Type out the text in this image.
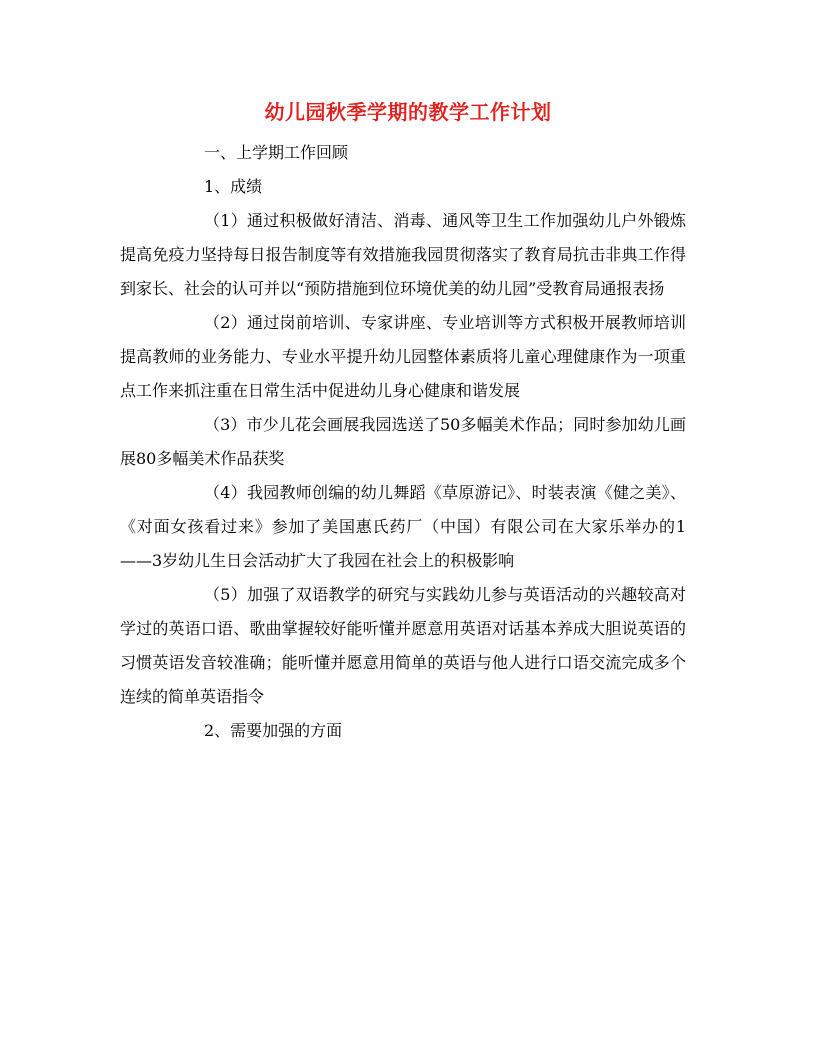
幼儿园秋季学期的教学工作计划

一、上学期工作回顾

1、成绩

（1）通过积极做好清洁、消毒、通风等卫生工作加强幼儿户外锻炼提高免疫力坚持每日报告制度等有效措施我园贯彻落实了教育局抗击非典工作得到家长、社会的认可并以“预防措施到位环境优美的幼儿园”受教育局通报表扬

（2）通过岗前培训、专家讲座、专业培训等方式积极开展教师培训提高教师的业务能力、专业水平提升幼儿园整体素质将儿童心理健康作为一项重点工作来抓注重在日常生活中促进幼儿身心健康和谐发展

（3）市少儿花会画展我园选送了50多幅美术作品；同时参加幼儿画展80多幅美术作品获奖

（4）我园教师创编的幼儿舞蹈《草原游记》、时装表演《健之美》、《对面女孩看过来》参加了美国惠氏药厂（中国）有限公司在大家乐举办的1——3岁幼儿生日会活动扩大了我园在社会上的积极影响

（5）加强了双语教学的研究与实践幼儿参与英语活动的兴趣较高对学过的英语口语、歌曲掌握较好能听懂并愿意用英语对话基本养成大胆说英语的习惯英语发音较准确；能听懂并愿意用简单的英语与他人进行口语交流完成多个连续的简单英语指令

2、需要加强的方面
